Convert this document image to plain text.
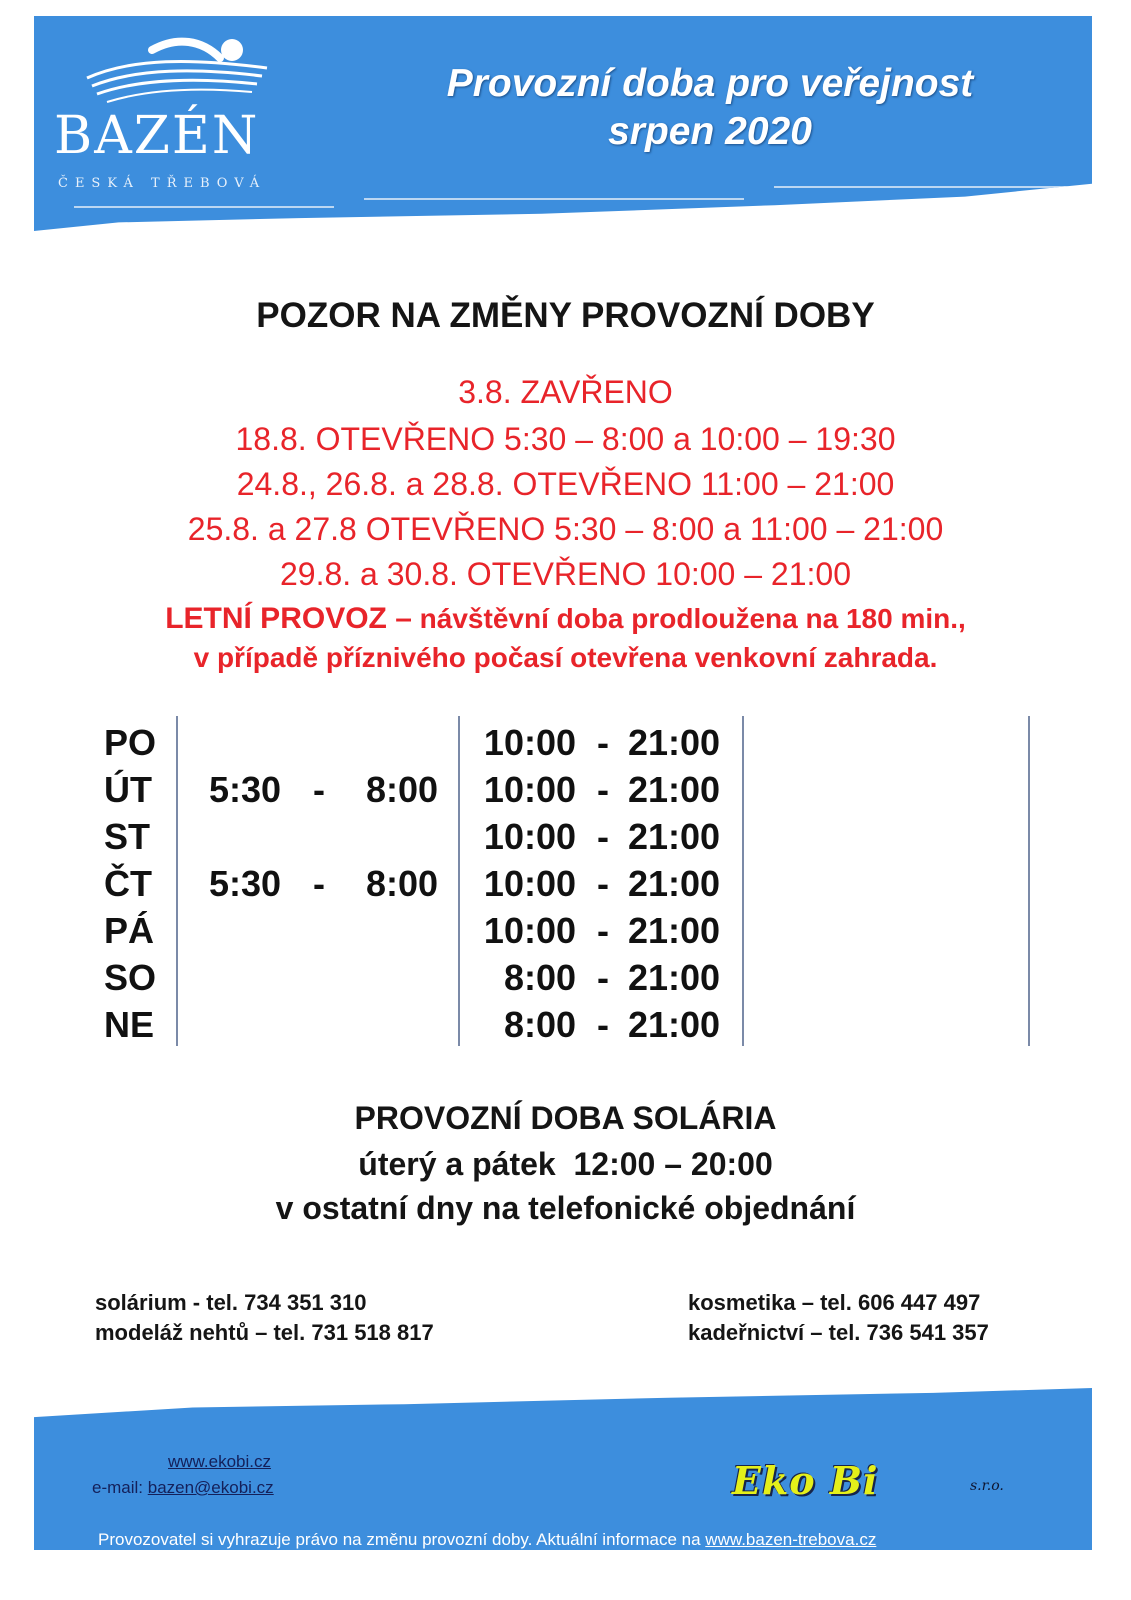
BAZÉN
ČESKÁ TŘEBOVÁ
Provozní doba pro veřejnost
srpen 2020
POZOR NA ZMĚNY PROVOZNÍ DOBY
3.8. ZAVŘENO
18.8. OTEVŘENO 5:30 – 8:00 a 10:00 – 19:30
24.8., 26.8. a 28.8. OTEVŘENO 11:00 – 21:00
25.8. a 27.8 OTEVŘENO 5:30 – 8:00 a 11:00 – 21:00
29.8. a 30.8. OTEVŘENO 10:00 – 21:00
LETNÍ PROVOZ – návštěvní doba prodloužena na 180 min.,
v případě příznivého počasí otevřena venkovní zahrada.
PO	10:00 - 21:00
ÚT 5:30 - 8:00	10:00 - 21:00
ST	10:00 - 21:00
ČT 5:30 - 8:00	10:00 - 21:00
PÁ	10:00 - 21:00
SO	8:00 - 21:00
NE	8:00 - 21:00
PROVOZNÍ DOBA SOLÁRIA
úterý a pátek  12:00 – 20:00
v ostatní dny na telefonické objednání
solárium - tel. 734 351 310
modeláž nehtů – tel. 731 518 817
kosmetika – tel. 606 447 497
kadeřnictví – tel. 736 541 357
www.ekobi.cz
e-mail: bazen@ekobi.cz	Eko Bi	s.r.o.
Provozovatel si vyhrazuje právo na změnu provozní doby. Aktuální informace na www.bazen-trebova.cz
